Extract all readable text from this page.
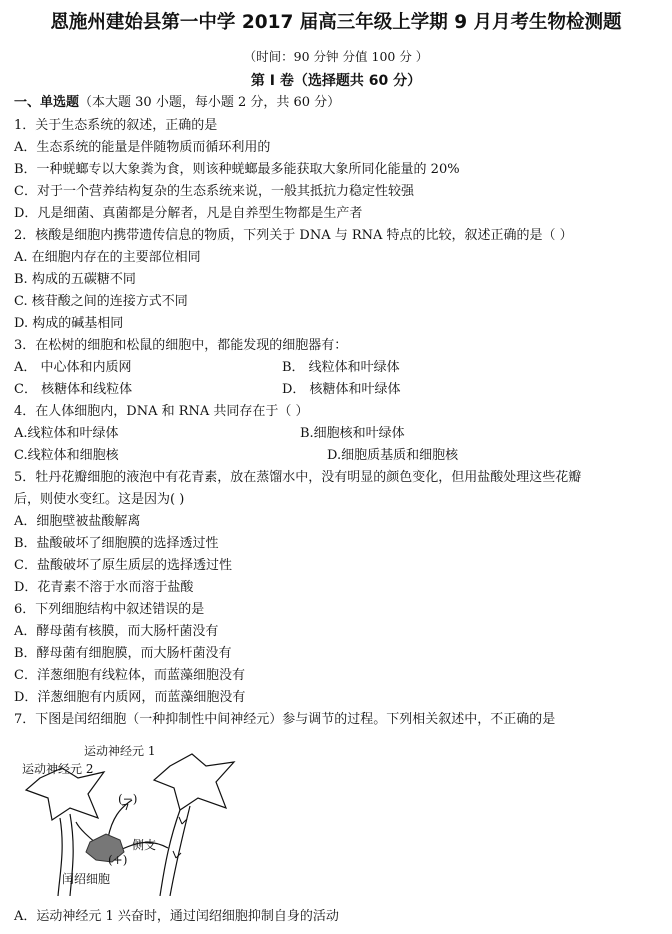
恩施州建始县第一中学 2017 届高三年级上学期 9 月月考生物检测题
（时间：90 分钟 分值 100 分 ）
第 I 卷（选择题共 60 分）
一、单选题（本大题 30 小题，每小题 2 分，共 60 分）
1．关于生态系统的叙述，正确的是
A．生态系统的能量是伴随物质而循环利用的
B．一种蜣螂专以大象粪为食，则该种蜣螂最多能获取大象所同化能量的 20%
C．对于一个营养结构复杂的生态系统来说，一般其抵抗力稳定性较强
D．凡是细菌、真菌都是分解者，凡是自养型生物都是生产者
2．核酸是细胞内携带遗传信息的物质，下列关于 DNA 与 RNA 特点的比较，叙述正确的是（ ）
A. 在细胞内存在的主要部位相同
B. 构成的五碳糖不同
C. 核苷酸之间的连接方式不同
D. 构成的碱基相同
3．在松树的细胞和松鼠的细胞中，都能发现的细胞器有：
A． 中心体和内质网	B． 线粒体和叶绿体
C． 核糖体和线粒体	D． 核糖体和叶绿体
4．在人体细胞内，DNA 和 RNA 共同存在于（ ）
A.线粒体和叶绿体	B.细胞核和叶绿体
C.线粒体和细胞核	D.细胞质基质和细胞核
5．牡丹花瓣细胞的液泡中有花青素，放在蒸馏水中，没有明显的颜色变化，但用盐酸处理这些花瓣
后，则使水变红。这是因为( )
A．细胞壁被盐酸解离
B．盐酸破坏了细胞膜的选择透过性
C．盐酸破坏了原生质层的选择透过性
D．花青素不溶于水而溶于盐酸
6．下列细胞结构中叙述错误的是
A．酵母菌有核膜，而大肠杆菌没有
B．酵母菌有细胞膜，而大肠杆菌没有
C．洋葱细胞有线粒体，而蓝藻细胞没有
D．洋葱细胞有内质网，而蓝藻细胞没有
7．下图是闰绍细胞（一种抑制性中间神经元）参与调节的过程。下列相关叙述中，不正确的是
运动神经元 1
运动神经元 2
(−)
侧支
(+)
闰绍细胞
A．运动神经元 1 兴奋时，通过闰绍细胞抑制自身的活动
